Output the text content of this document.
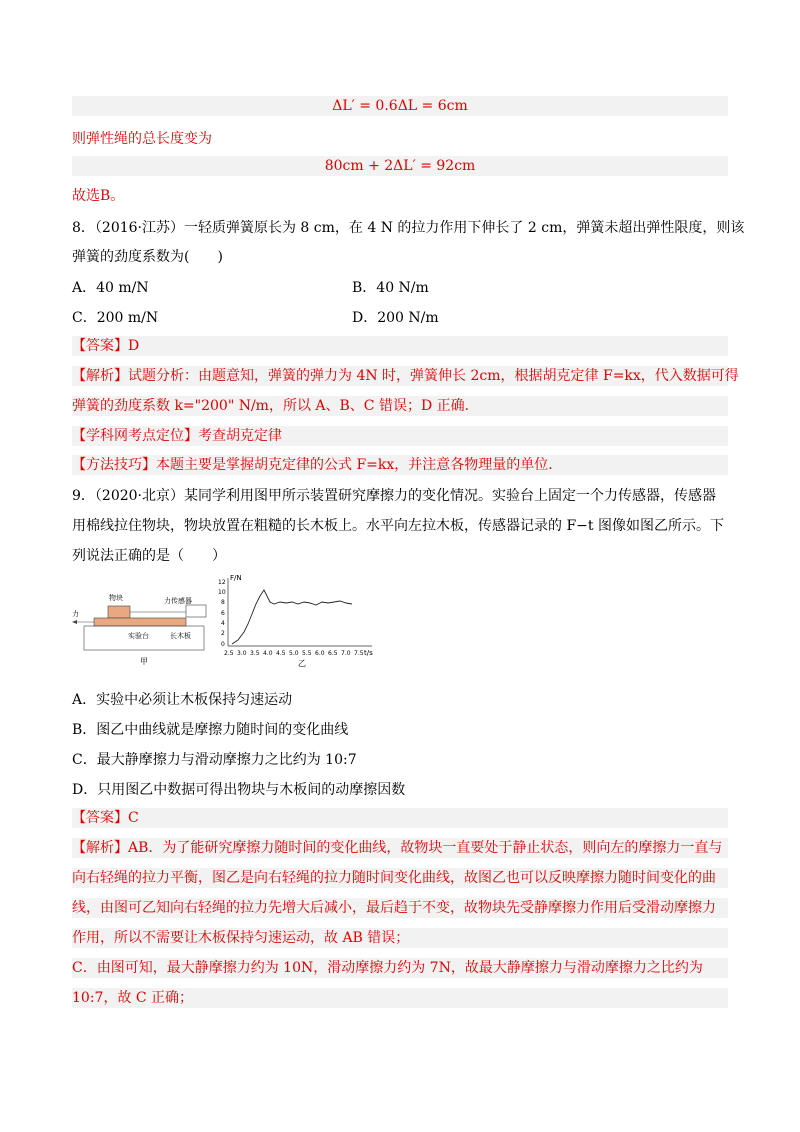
ΔL′ = 0.6ΔL = 6cm
则弹性绳的总长度变为
80cm + 2ΔL′ = 92cm
故选B。
8．（2016·江苏）一轻质弹簧原长为 8 cm，在 4 N 的拉力作用下伸长了 2 cm，弹簧未超出弹性限度，则该
弹簧的劲度系数为(　　)
A．40 m/N	B．40 N/m
C．200 m/N	D．200 N/m
【答案】D
【解析】试题分析：由题意知，弹簧的弹力为 4N 时，弹簧伸长 2cm，根据胡克定律 F=kx，代入数据可得
弹簧的劲度系数 k="200" N/m，所以 A、B、C 错误；D 正确．
【学科网考点定位】考查胡克定律
【方法技巧】本题主要是掌握胡克定律的公式 F=kx，并注意各物理量的单位．
9．（2020·北京）某同学利用图甲所示装置研究摩擦力的变化情况。实验台上固定一个力传感器，传感器
用棉线拉住物块，物块放置在粗糙的长木板上。水平向左拉木板，传感器记录的 F−t 图像如图乙所示。下
列说法正确的是（　　）
物块	力传感器
力
实验台	长木板
甲
F/N
t/s
12
10
8
6
4
2
0
2.5 3.0 3.5 4.0 4.5 5.0 5.5 6.0 6.5 7.0 7.5
乙
A．实验中必须让木板保持匀速运动
B．图乙中曲线就是摩擦力随时间的变化曲线
C．最大静摩擦力与滑动摩擦力之比约为 10:7
D．只用图乙中数据可得出物块与木板间的动摩擦因数
【答案】C
【解析】AB．为了能研究摩擦力随时间的变化曲线，故物块一直要处于静止状态，则向左的摩擦力一直与
向右轻绳的拉力平衡，图乙是向右轻绳的拉力随时间变化曲线，故图乙也可以反映摩擦力随时间变化的曲
线，由图可乙知向右轻绳的拉力先增大后减小，最后趋于不变，故物块先受静摩擦力作用后受滑动摩擦力
作用，所以不需要让木板保持匀速运动，故 AB 错误；
C．由图可知，最大静摩擦力约为 10N，滑动摩擦力约为 7N，故最大静摩擦力与滑动摩擦力之比约为
10:7，故 C 正确；
